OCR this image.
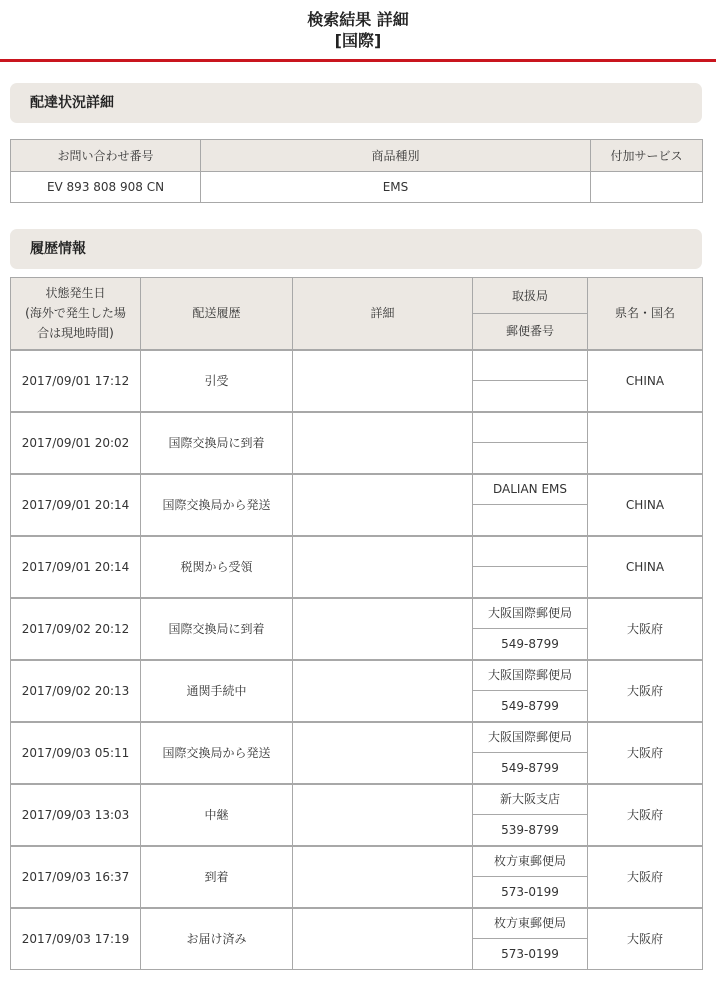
検索結果 詳細
[国際]
配達状況詳細
お問い合わせ番号	商品種別	付加サービス
EV 893 808 908 CN	EMS	
履歴情報
状態発生日
(海外で発生した場
合は現地時間)	配送履歴	詳細	取扱局	県名・国名
			郵便番号	
2017/09/01 17:12	引受			CHINA

2017/09/01 20:02	国際交換局に到着			

2017/09/01 20:14	国際交換局から発送		DALIAN EMS	CHINA

2017/09/01 20:14	税関から受領			CHINA

2017/09/02 20:12	国際交換局に到着		大阪国際郵便局	大阪府
			549-8799	
2017/09/02 20:13	通関手続中		大阪国際郵便局	大阪府
			549-8799	
2017/09/03 05:11	国際交換局から発送		大阪国際郵便局	大阪府
			549-8799	
2017/09/03 13:03	中継		新大阪支店	大阪府
			539-8799	
2017/09/03 16:37	到着		枚方東郵便局	大阪府
			573-0199	
2017/09/03 17:19	お届け済み		枚方東郵便局	大阪府
			573-0199	
